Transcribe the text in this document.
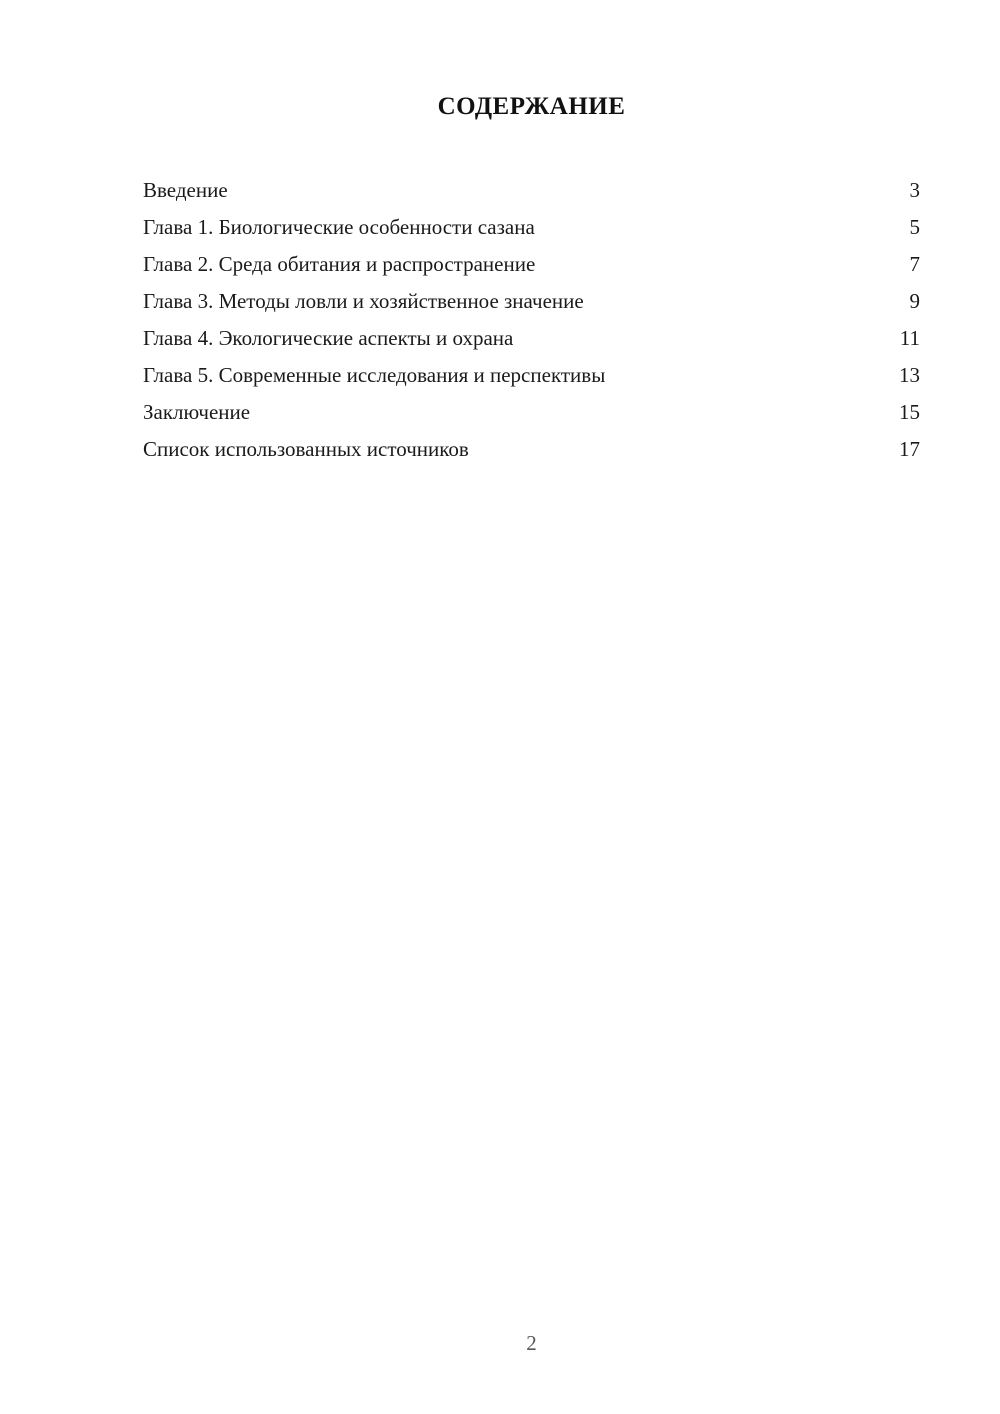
СОДЕРЖАНИЕ
Введение	3
Глава 1. Биологические особенности сазана	5
Глава 2. Среда обитания и распространение	7
Глава 3. Методы ловли и хозяйственное значение	9
Глава 4. Экологические аспекты и охрана	11
Глава 5. Современные исследования и перспективы	13
Заключение	15
Список использованных источников	17
2
